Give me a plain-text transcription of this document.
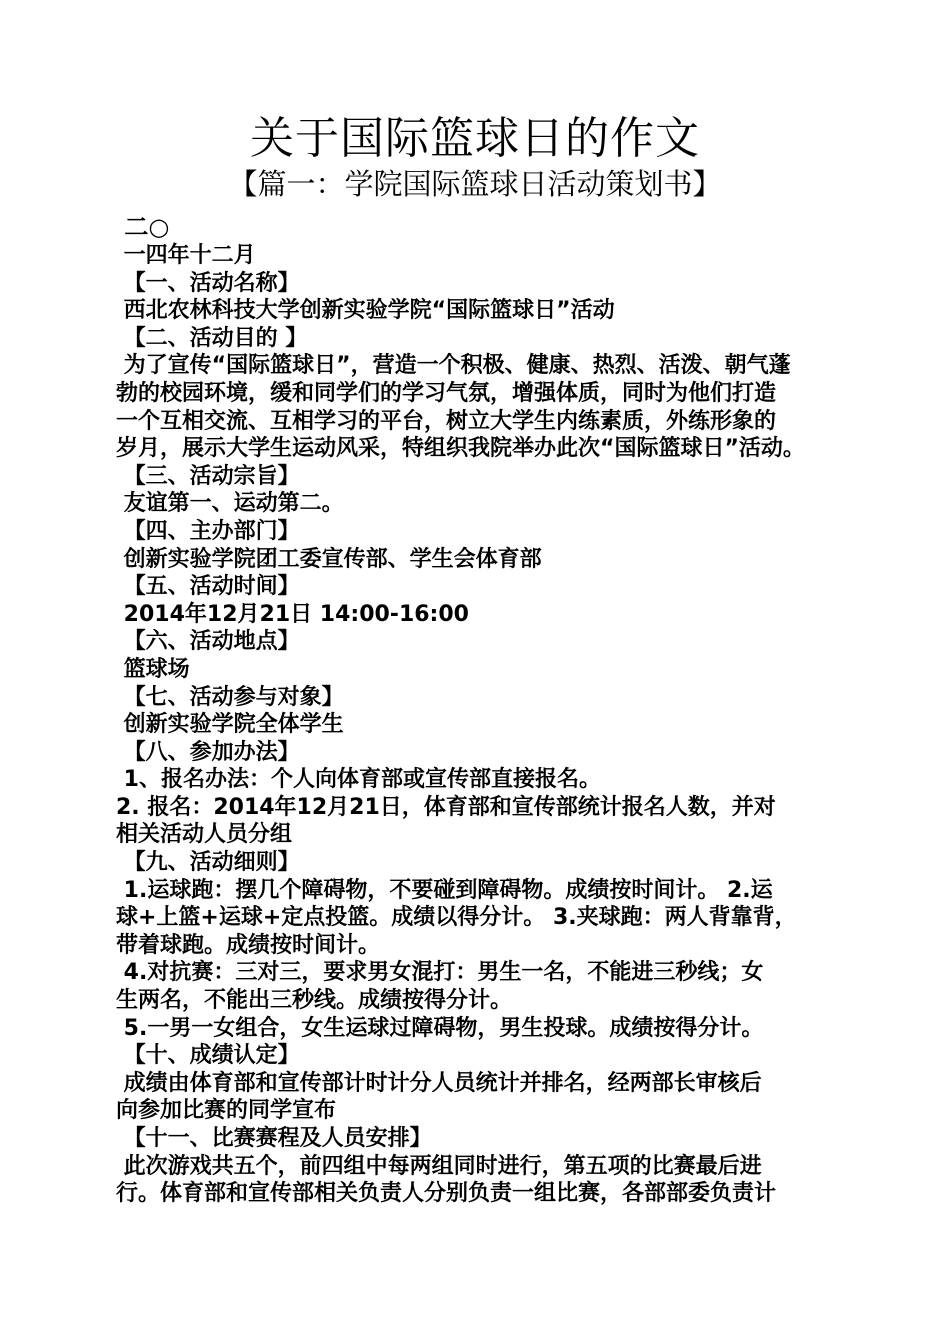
关于国际篮球日的作文
【篇一：学院国际篮球日活动策划书】

二○

一四年十二月

【一、活动名称】

西北农林科技大学创新实验学院“国际篮球日”活动

【二、活动目的 】

为了宣传“国际篮球日”，营造一个积极、健康、热烈、活泼、朝气蓬

勃的校园环境，缓和同学们的学习气氛，增强体质，同时为他们打造

一个互相交流、互相学习的平台，树立大学生内练素质，外练形象的

岁月，展示大学生运动风采，特组织我院举办此次“国际篮球日”活动。

【三、活动宗旨】

友谊第一、运动第二。

【四、主办部门】

创新实验学院团工委宣传部、学生会体育部

【五、活动时间】

2014年12月21日 14:00-16:00

【六、活动地点】

篮球场

【七、活动参与对象】

创新实验学院全体学生

【八、参加办法】

1、报名办法：个人向体育部或宣传部直接报名。

2. 报名：2014年12月21日，体育部和宣传部统计报名人数，并对

相关活动人员分组

【九、活动细则】

1.运球跑：摆几个障碍物，不要碰到障碍物。成绩按时间计。 2.运

球+上篮+运球+定点投篮。成绩以得分计。 3.夹球跑：两人背靠背，

带着球跑。成绩按时间计。

4.对抗赛：三对三，要求男女混打：男生一名，不能进三秒线；女

生两名，不能出三秒线。成绩按得分计。

5.一男一女组合，女生运球过障碍物，男生投球。成绩按得分计。

【十、成绩认定】

成绩由体育部和宣传部计时计分人员统计并排名，经两部长审核后

向参加比赛的同学宣布

【十一、比赛赛程及人员安排】

此次游戏共五个，前四组中每两组同时进行，第五项的比赛最后进

行。体育部和宣传部相关负责人分别负责一组比赛，各部部委负责计
